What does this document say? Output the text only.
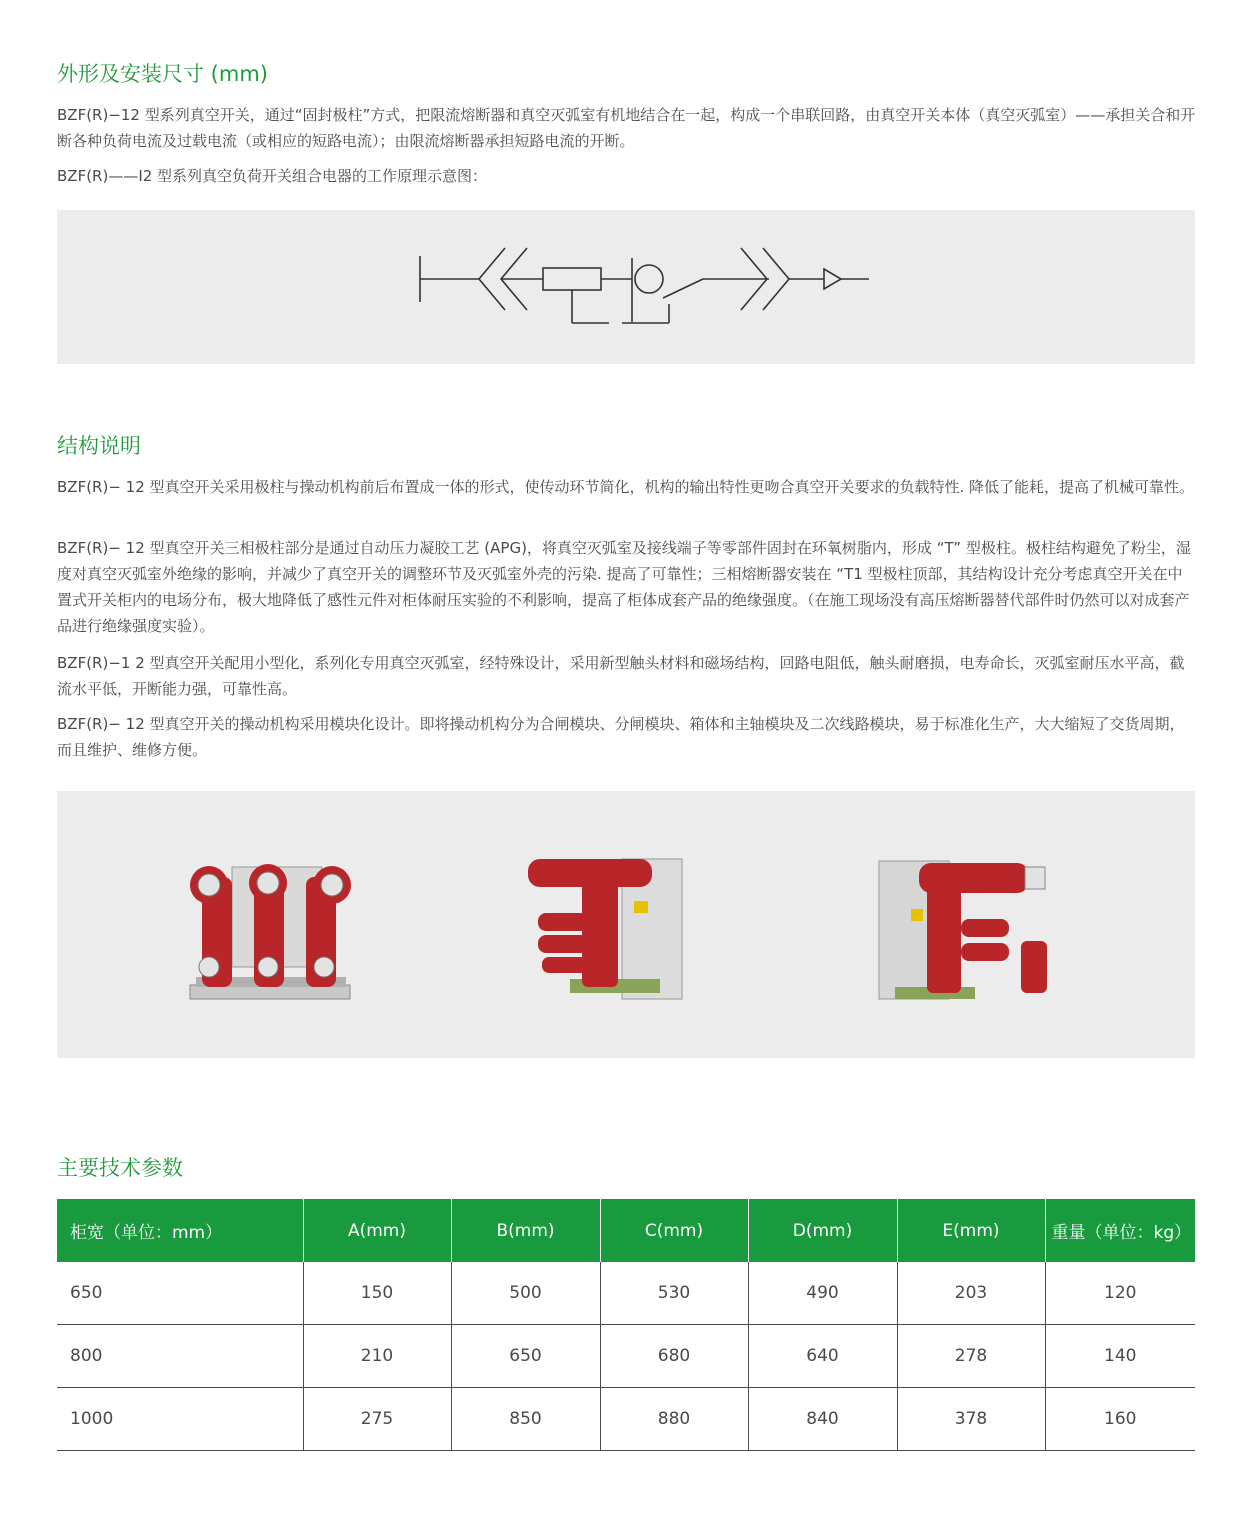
外形及安装尺寸 (mm)

BZF(R)−12 型系列真空开关，通过“固封极柱”方式，把限流熔断器和真空灭弧室有机地结合在一起，构成一个串联回路，由真空开关本体（真空灭弧室）——承担关合和开断各种负荷电流及过载电流（或相应的短路电流）；由限流熔断器承担短路电流的开断。

BZF(R)——I2 型系列真空负荷开关组合电器的工作原理示意图：

结构说明

BZF(R)− 12 型真空开关采用极柱与操动机构前后布置成一体的形式，使传动环节简化，机构的输出特性更吻合真空开关要求的负载特性. 降低了能耗，提高了机械可靠性。

BZF(R)− 12 型真空开关三相极柱部分是通过自动压力凝胶工艺 (APG)，将真空灭弧室及接线端子等零部件固封在环氧树脂内，形成 “T” 型极柱。极柱结构避免了粉尘，湿度对真空灭弧室外绝缘的影响，并减少了真空开关的调整环节及灭弧室外壳的污染. 提高了可靠性；三相熔断器安装在 “T1 型极柱顶部，其结构设计充分考虑真空开关在中置式开关柜内的电场分布，极大地降低了感性元件对柜体耐压实验的不利影响，提高了柜体成套产品的绝缘强度。（在施工现场没有高压熔断器替代部件时仍然可以对成套产品进行绝缘强度实验）。

BZF(R)−1 2 型真空开关配用小型化，系列化专用真空灭弧室，经特殊设计，采用新型触头材料和磁场结构，回路电阻低，触头耐磨损，电寿命长，灭弧室耐压水平高，截流水平低，开断能力强，可靠性高。

BZF(R)− 12 型真空开关的操动机构采用模块化设计。即将操动机构分为合闸模块、分闸模块、箱体和主轴模块及二次线路模块，易于标准化生产，大大缩短了交货周期，而且维护、维修方便。

主要技术参数
柜宽（单位：mm）	A(mm)	B(mm)	C(mm)	D(mm)	E(mm)	重量（单位：kg）
650	150	500	530	490	203	120
800	210	650	680	640	278	140
1000	275	850	880	840	378	160
